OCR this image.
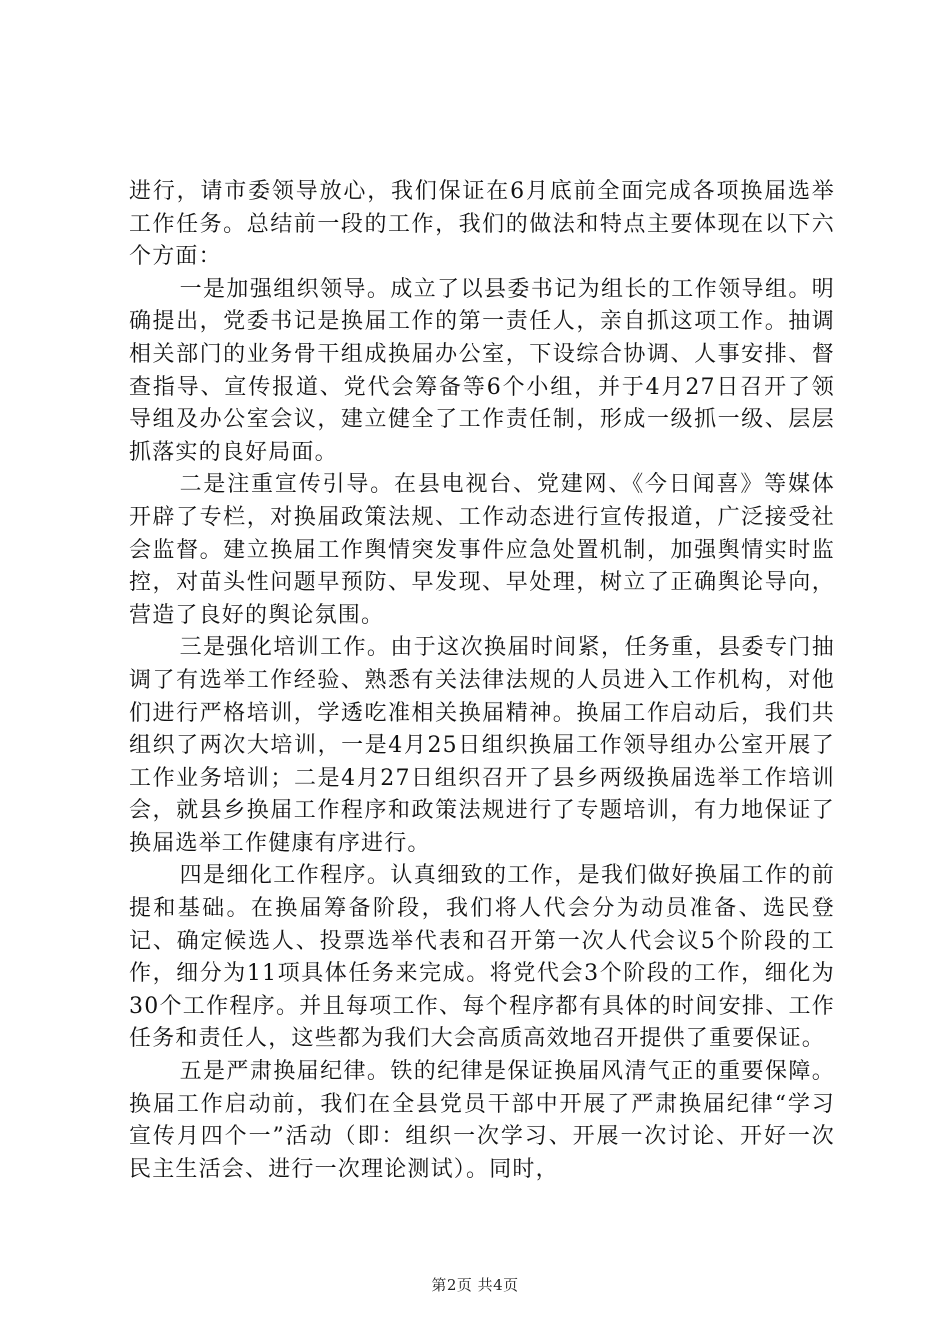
进行，请市委领导放心，我们保证在6月底前全面完成各项换届选举工作任务。总结前一段的工作，我们的做法和特点主要体现在以下六个方面：

一是加强组织领导。成立了以县委书记为组长的工作领导组。明确提出，党委书记是换届工作的第一责任人，亲自抓这项工作。抽调相关部门的业务骨干组成换届办公室，下设综合协调、人事安排、督查指导、宣传报道、党代会筹备等6个小组，并于4月27日召开了领导组及办公室会议，建立健全了工作责任制，形成一级抓一级、层层抓落实的良好局面。

二是注重宣传引导。在县电视台、党建网、《今日闻喜》等媒体开辟了专栏，对换届政策法规、工作动态进行宣传报道，广泛接受社会监督。建立换届工作舆情突发事件应急处置机制，加强舆情实时监控，对苗头性问题早预防、早发现、早处理，树立了正确舆论导向，营造了良好的舆论氛围。

三是强化培训工作。由于这次换届时间紧，任务重，县委专门抽调了有选举工作经验、熟悉有关法律法规的人员进入工作机构，对他们进行严格培训，学透吃准相关换届精神。换届工作启动后，我们共组织了两次大培训，一是4月25日组织换届工作领导组办公室开展了工作业务培训；二是4月27日组织召开了县乡两级换届选举工作培训会，就县乡换届工作程序和政策法规进行了专题培训，有力地保证了换届选举工作健康有序进行。

四是细化工作程序。认真细致的工作，是我们做好换届工作的前提和基础。在换届筹备阶段，我们将人代会分为动员准备、选民登记、确定候选人、投票选举代表和召开第一次人代会议5个阶段的工作，细分为11项具体任务来完成。将党代会3个阶段的工作，细化为30个工作程序。并且每项工作、每个程序都有具体的时间安排、工作任务和责任人，这些都为我们大会高质高效地召开提供了重要保证。

五是严肃换届纪律。铁的纪律是保证换届风清气正的重要保障。换届工作启动前，我们在全县党员干部中开展了严肃换届纪律“学习宣传月四个一”活动（即：组织一次学习、开展一次讨论、开好一次民主生活会、进行一次理论测试）。同时，

第2页 共4页
